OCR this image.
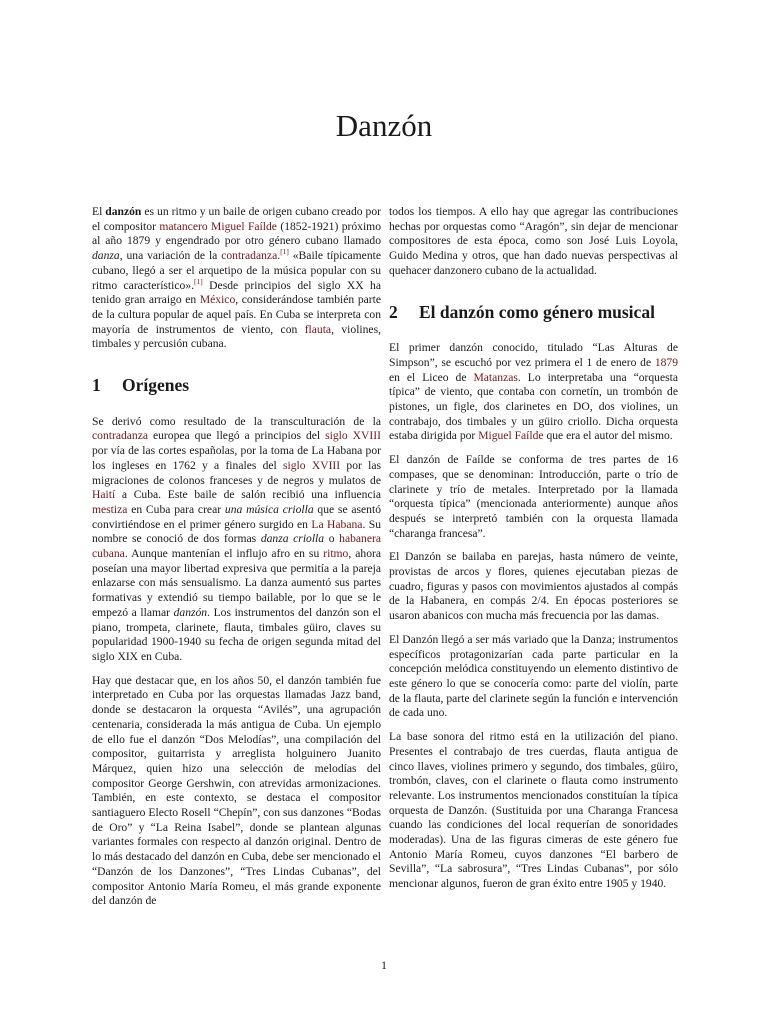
Danzón

El danzón es un ritmo y un baile de origen cubano creado por el compositor matancero Miguel Faílde (1852-1921) próximo al año 1879 y engendrado por otro género cubano llamado danza, una variación de la contradanza.[1] «Baile típicamente cubano, llegó a ser el arquetipo de la música popular con su ritmo característico».[1] Desde principios del siglo XX ha tenido gran arraigo en México, considerándose también parte de la cultura popular de aquel país. En Cuba se interpreta con mayoría de instrumentos de viento, con flauta, violines, timbales y percusión cubana.

1 Orígenes

Se derivó como resultado de la transculturación de la contradanza europea que llegó a principios del siglo XVIII por vía de las cortes españolas, por la toma de La Habana por los ingleses en 1762 y a finales del siglo XVIII por las migraciones de colonos franceses y de negros y mulatos de Haití a Cuba. Este baile de salón recibió una influencia mestiza en Cuba para crear una música criolla que se asentó convirtiéndose en el primer género surgido en La Habana. Su nombre se conoció de dos formas danza criolla o habanera cubana. Aunque mantenían el influjo afro en su ritmo, ahora poseían una mayor libertad expresiva que permitía a la pareja enlazarse con más sensualismo. La danza aumentó sus partes formativas y extendió su tiempo bailable, por lo que se le empezó a llamar danzón. Los instrumentos del danzón son el piano, trompeta, clarinete, flauta, timbales güiro, claves su popularidad 1900-1940 su fecha de origen segunda mitad del siglo XIX en Cuba.

Hay que destacar que, en los años 50, el danzón también fue interpretado en Cuba por las orquestas llamadas Jazz band, donde se destacaron la orquesta “Avilés”, una agrupación centenaria, considerada la más antigua de Cuba. Un ejemplo de ello fue el danzón “Dos Melodías”, una compilación del compositor, guitarrista y arreglista holguinero Juanito Márquez, quien hizo una selección de melodías del compositor George Gershwin, con atrevidas armonizaciones. También, en este contexto, se destaca el compositor santiaguero Electo Rosell “Chepín”, con sus danzones “Bodas de Oro” y “La Reina Isabel”, donde se plantean algunas variantes formales con respecto al danzón original. Dentro de lo más destacado del danzón en Cuba, debe ser mencionado el “Danzón de los Danzones”, “Tres Lindas Cubanas”, del compositor Antonio María Romeu, el más grande exponente del danzón de

todos los tiempos. A ello hay que agregar las contribuciones hechas por orquestas como “Aragón”, sin dejar de mencionar compositores de esta época, como son José Luis Loyola, Guido Medina y otros, que han dado nuevas perspectivas al quehacer danzonero cubano de la actualidad.

2 El danzón como género musical

El primer danzón conocido, titulado “Las Alturas de Simpson”, se escuchó por vez primera el 1 de enero de 1879 en el Liceo de Matanzas. Lo interpretaba una “orquesta típica” de viento, que contaba con cornetín, un trombón de pistones, un figle, dos clarinetes en DO, dos violines, un contrabajo, dos timbales y un güiro criollo. Dicha orquesta estaba dirigida por Miguel Faílde que era el autor del mismo.

El danzón de Faílde se conforma de tres partes de 16 compases, que se denominan: Introducción, parte o trío de clarinete y trío de metales. Interpretado por la llamada “orquesta típica” (mencionada anteriormente) aunque años después se interpretó también con la orquesta llamada “charanga francesa”.

El Danzón se bailaba en parejas, hasta número de veinte, provistas de arcos y flores, quienes ejecutaban piezas de cuadro, figuras y pasos con movimientos ajustados al compás de la Habanera, en compás 2/4. En épocas posteriores se usaron abanicos con mucha más frecuencia por las damas.

El Danzón llegó a ser más variado que la Danza; instrumentos específicos protagonizarían cada parte particular en la concepción melódica constituyendo un elemento distintivo de este género lo que se conocería como: parte del violín, parte de la flauta, parte del clarinete según la función e intervención de cada uno.

La base sonora del ritmo está en la utilización del piano. Presentes el contrabajo de tres cuerdas, flauta antigua de cinco llaves, violines primero y segundo, dos timbales, güiro, trombón, claves, con el clarinete o flauta como instrumento relevante. Los instrumentos mencionados constituían la típica orquesta de Danzón. (Sustituida por una Charanga Francesa cuando las condiciones del local requerían de sonoridades moderadas). Una de las figuras cimeras de este género fue Antonio María Romeu, cuyos danzones “El barbero de Sevilla”, “La sabrosura”, “Tres Lindas Cubanas”, por sólo mencionar algunos, fueron de gran éxito entre 1905 y 1940.

1
